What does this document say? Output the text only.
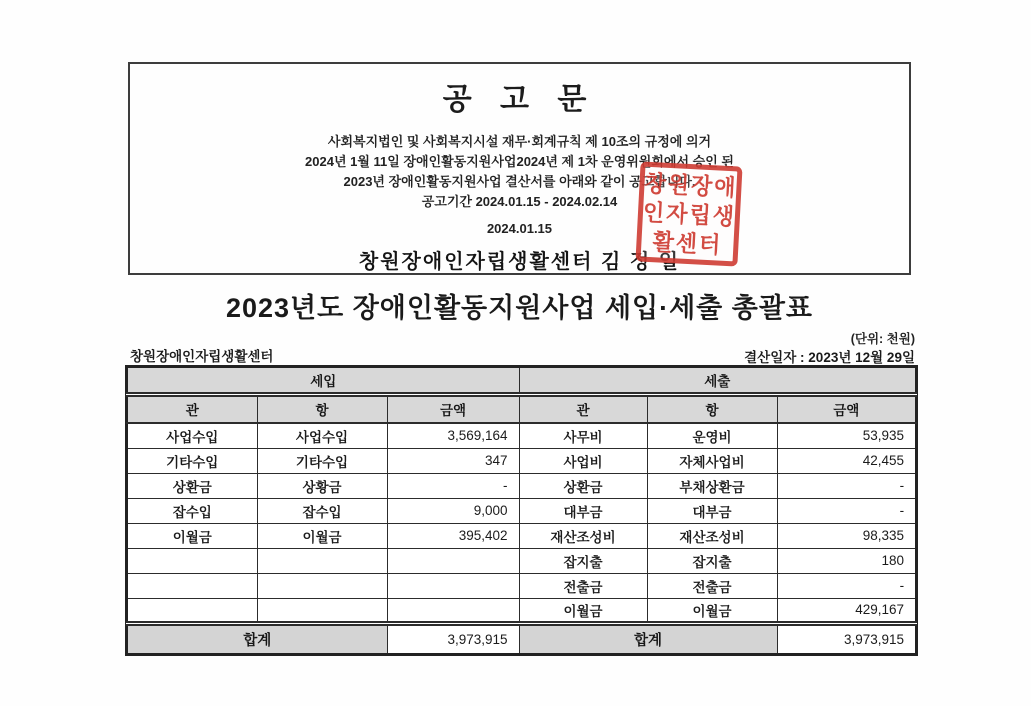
공 고 문
사회복지법인 및 사회복지시설 재무·회계규칙 제 10조의 규정에 의거
2024년 1월 11일 장애인활동지원사업2024년 제 1차 운영위원회에서 승인 된
2023년 장애인활동지원사업 결산서를 아래와 같이 공고합니다.
공고기간 2024.01.15 - 2024.02.14
2024.01.15
창원장애인자립생활센터 김 정 일
창원장애
인자립생
활센터
2023년도 장애인활동지원사업 세입·세출 총괄표
(단위: 천원)
창원장애인자립생활센터	결산일자 : 2023년 12월 29일
세입			세출		
관	항	금액	관	항	금액
사업수입	사업수입	3,569,164	사무비	운영비	53,935
기타수입	기타수입	347	사업비	자체사업비	42,455
상환금	상황금	-	상환금	부채상환금	-
잡수입	잡수입	9,000	대부금	대부금	-
이월금	이월금	395,402	재산조성비	재산조성비	98,335
			잡지출	잡지출	180
			전출금	전출금	-
			이월금	이월금	429,167
합계		3,973,915	합계		3,973,915
